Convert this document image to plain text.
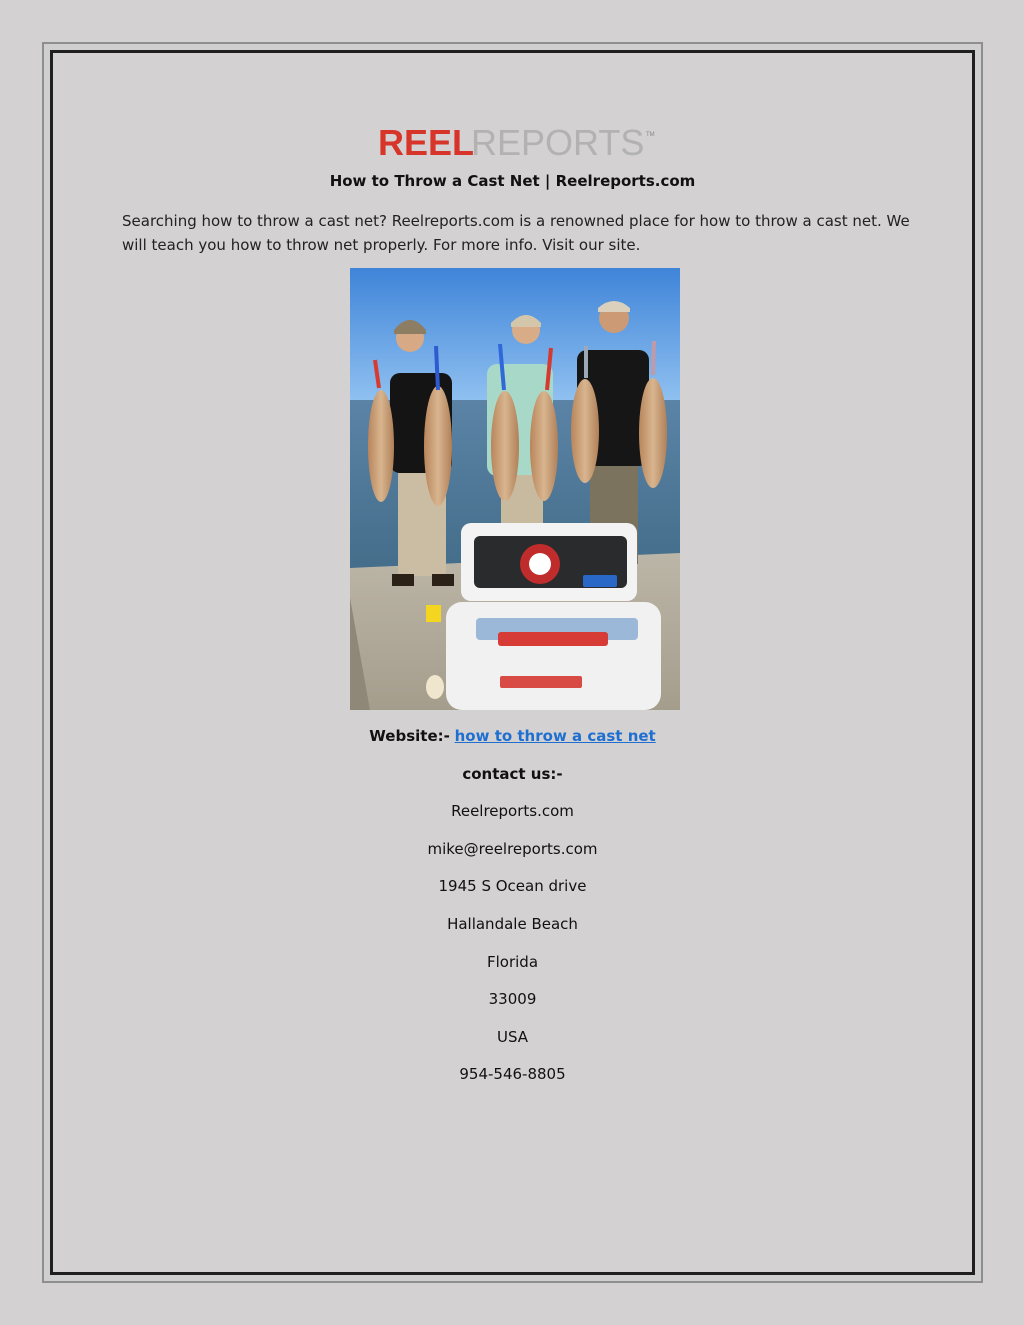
REEL
REPORTS TM
How to Throw a Cast Net | Reelreports.com
Searching how to throw a cast net? Reelreports.com is a renowned place for how to throw a cast net. We will teach you how to throw net properly. For more info. Visit our site.
Website:- how to throw a cast net
contact us:-
Reelreports.com
mike@reelreports.com
1945 S Ocean drive
Hallandale Beach
Florida
33009
USA
954-546-8805
